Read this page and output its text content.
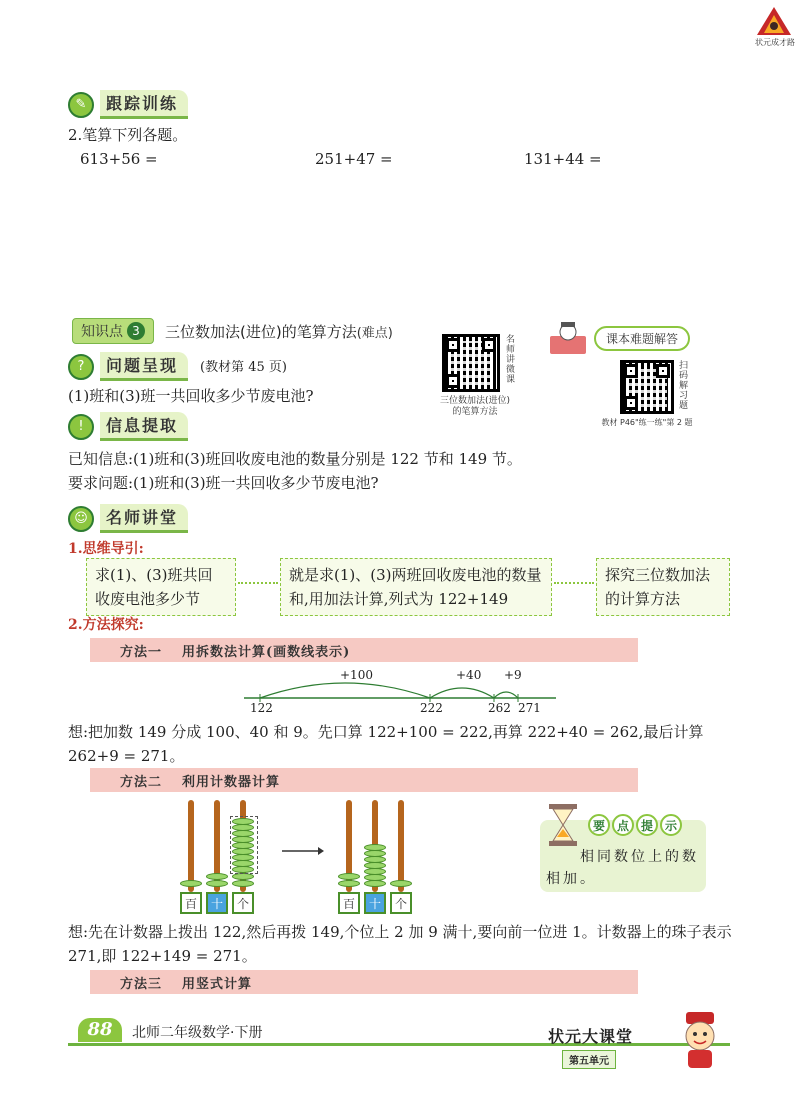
状元成才路
✎	跟踪训练
2.笔算下列各题。
613+56 =	251+47 =	131+44 =
知识点 3	三位数加法(进位)的笔算方法(难点)
名师讲微课
三位数加法(进位)
的笔算方法
课本难题解答
扫码解习题
教材 P46"练一练"第 2 题
?	问题呈现	(教材第 45 页)
(1)班和(3)班一共回收多少节废电池?
!	信息提取
已知信息:(1)班和(3)班回收废电池的数量分别是 122 节和 149 节。
要求问题:(1)班和(3)班一共回收多少节废电池?
☺	名师讲堂
1.思维导引:
求(1)、(3)班共回收废电池多少节
就是求(1)、(3)两班回收废电池的数量和,用加法计算,列式为 122+149
探究三位数加法的计算方法
2.方法探究:
方法一 用拆数法计算(画数线表示)
+100	+40 +9
122	222	262 271
想:把加数 149 分成 100、40 和 9。先口算 122+100 = 222,再算 222+40 = 262,最后计算 262+9 = 271。
方法二 利用计数器计算
百	十	个	百	十	个
要 点 提 示
相同数位上的数相加。
想:先在计数器上拨出 122,然后再拨 149,个位上 2 加 9 满十,要向前一位进 1。计数器上的珠子表示 271,即 122+149 = 271。
方法三 用竖式计算
88	北师二年级数学·下册	状元大课堂
第五单元
